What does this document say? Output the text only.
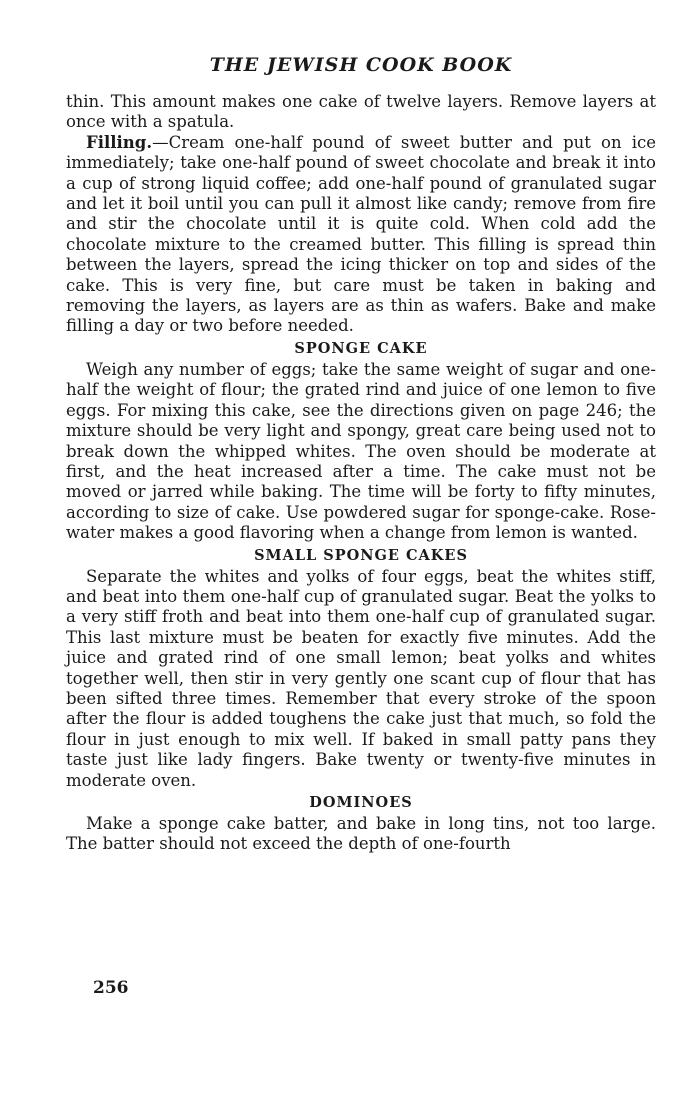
THE JEWISH COOK BOOK

thin. This amount makes one cake of twelve layers. Remove layers at once with a spatula.

Filling.—Cream one-half pound of sweet butter and put on ice immediately; take one-half pound of sweet chocolate and break it into a cup of strong liquid coffee; add one-half pound of granulated sugar and let it boil until you can pull it almost like candy; remove from fire and stir the chocolate until it is quite cold. When cold add the chocolate mixture to the creamed butter. This filling is spread thin between the layers, spread the icing thicker on top and sides of the cake. This is very fine, but care must be taken in baking and removing the layers, as layers are as thin as wafers. Bake and make filling a day or two before needed.

SPONGE CAKE

Weigh any number of eggs; take the same weight of sugar and one-half the weight of flour; the grated rind and juice of one lemon to five eggs. For mixing this cake, see the directions given on page 246; the mixture should be very light and spongy, great care being used not to break down the whipped whites. The oven should be moderate at first, and the heat increased after a time. The cake must not be moved or jarred while baking. The time will be forty to fifty minutes, according to size of cake. Use powdered sugar for sponge-cake. Rose-water makes a good flavoring when a change from lemon is wanted.

SMALL SPONGE CAKES

Separate the whites and yolks of four eggs, beat the whites stiff, and beat into them one-half cup of granulated sugar. Beat the yolks to a very stiff froth and beat into them one-half cup of granulated sugar. This last mixture must be beaten for exactly five minutes. Add the juice and grated rind of one small lemon; beat yolks and whites together well, then stir in very gently one scant cup of flour that has been sifted three times. Remember that every stroke of the spoon after the flour is added toughens the cake just that much, so fold the flour in just enough to mix well. If baked in small patty pans they taste just like lady fingers. Bake twenty or twenty-five minutes in moderate oven.

DOMINOES

Make a sponge cake batter, and bake in long tins, not too large. The batter should not exceed the depth of one-fourth

256
